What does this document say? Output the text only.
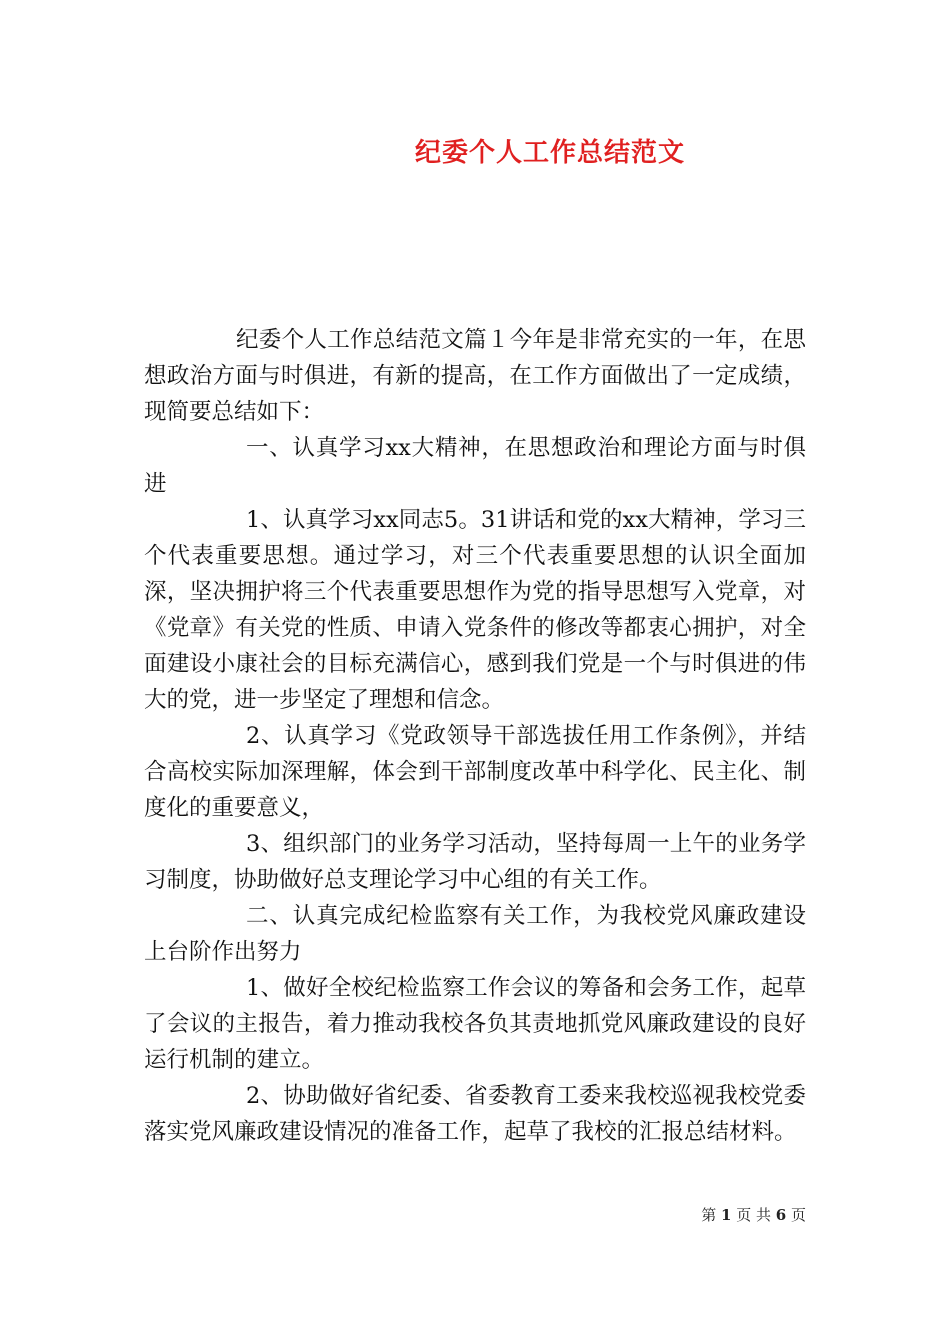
纪委个人工作总结范文

纪委个人工作总结范文篇１今年是非常充实的一年，在思想政治方面与时俱进，有新的提高，在工作方面做出了一定成绩，现简要总结如下：

一、认真学习xx大精神，在思想政治和理论方面与时俱进

1、认真学习xx同志5。31讲话和党的xx大精神，学习三个代表重要思想。通过学习，对三个代表重要思想的认识全面加深，坚决拥护将三个代表重要思想作为党的指导思想写入党章，对《党章》有关党的性质、申请入党条件的修改等都衷心拥护，对全面建设小康社会的目标充满信心，感到我们党是一个与时俱进的伟大的党，进一步坚定了理想和信念。

2、认真学习《党政领导干部选拔任用工作条例》，并结合高校实际加深理解，体会到干部制度改革中科学化、民主化、制度化的重要意义，

3、组织部门的业务学习活动，坚持每周一上午的业务学习制度，协助做好总支理论学习中心组的有关工作。

二、认真完成纪检监察有关工作，为我校党风廉政建设上台阶作出努力

1、做好全校纪检监察工作会议的筹备和会务工作，起草了会议的主报告，着力推动我校各负其责地抓党风廉政建设的良好运行机制的建立。

2、协助做好省纪委、省委教育工委来我校巡视我校党委落实党风廉政建设情况的准备工作，起草了我校的汇报总结材料。

第 1 页 共 6 页
